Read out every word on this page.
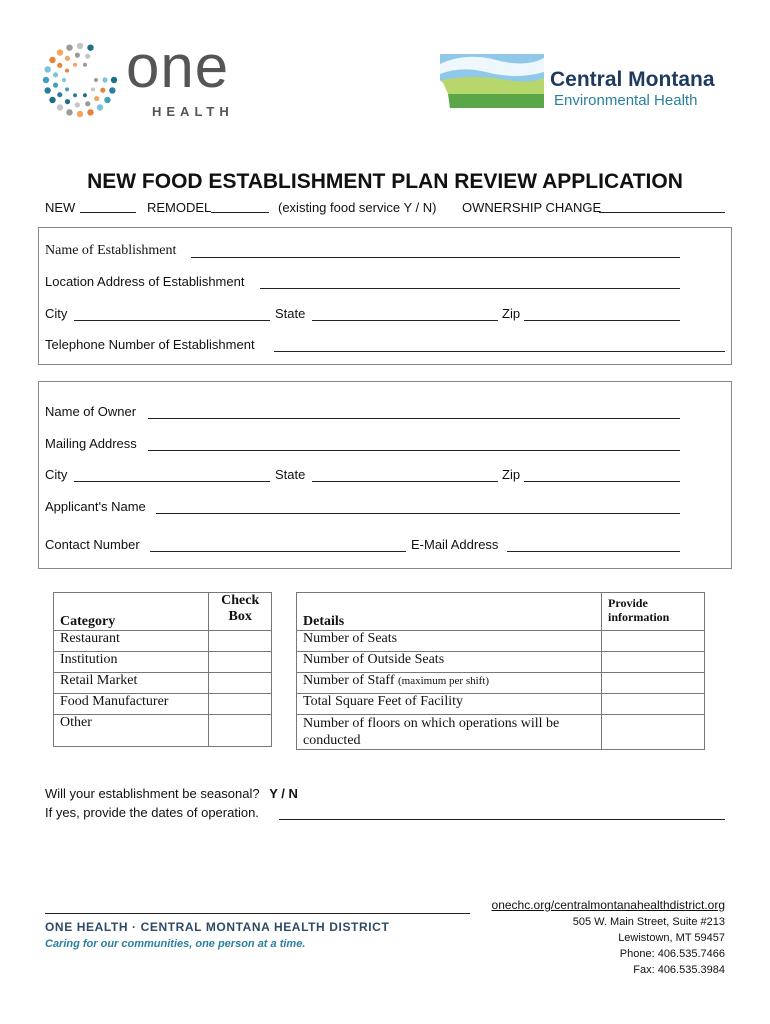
one
HEALTH
Central Montana
Environmental Health
NEW FOOD ESTABLISHMENT PLAN REVIEW APPLICATION
NEW	REMODEL	(existing food service Y / N) OWNERSHIP CHANGE
Name of Establishment
Location Address of Establishment
City	State	Zip
Telephone Number of Establishment
Name of Owner
Mailing Address
City	State	Zip
Applicant's Name
Contact Number	E-Mail Address
Category	Check
Box
Restaurant	
Institution	
Retail Market	
Food Manufacturer	
Other	
Details	Provide
information
Number of Seats	
Number of Outside Seats	
Number of Staff (maximum per shift)	
Total Square Feet of Facility	
Number of floors on which operations will be conducted	
Will your establishment be seasonal? Y / N
If yes, provide the dates of operation.
ONE HEALTH · CENTRAL MONTANA HEALTH DISTRICT
Caring for our communities, one person at a time.
onechc.org/centralmontanahealthdistrict.org
505 W. Main Street, Suite #213
Lewistown, MT 59457
Phone: 406.535.7466
Fax: 406.535.3984
